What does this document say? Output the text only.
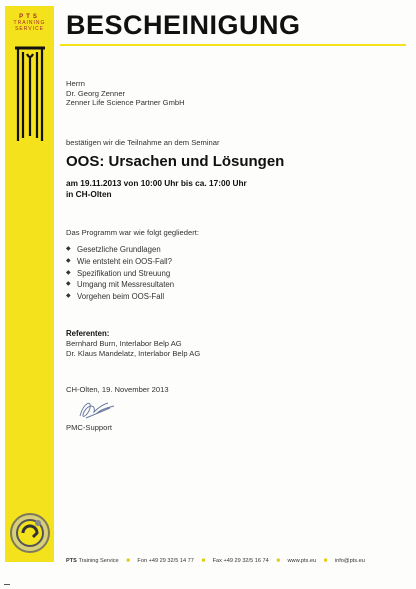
PTS
TRAINING
SERVICE BESCHEINIGUNG
Herrn
Dr. Georg Zenner
Zenner Life Science Partner GmbH
bestätigen wir die Teilnahme an dem Seminar
OOS: Ursachen und Lösungen
am 19.11.2013 von 10:00 Uhr bis ca. 17:00 Uhr
in CH-Olten
Das Programm war wie folgt gegliedert:
◆ Gesetzliche Grundlagen
◆ Wie entsteht ein OOS-Fall?
◆ Spezifikation und Streuung
◆ Umgang mit Messresultaten
◆ Vorgehen beim OOS-Fall
Referenten:
Bernhard Burn, Interlabor Belp AG
Dr. Klaus Mandelatz, Interlabor Belp AG
CH-Olten, 19. November 2013
PMC-Support
PTS Training Service ■ Fon +49 29 32/5 14 77 ■ Fax +49 29 32/5 16 74 ■ www.pts.eu ■ info@pts.eu
